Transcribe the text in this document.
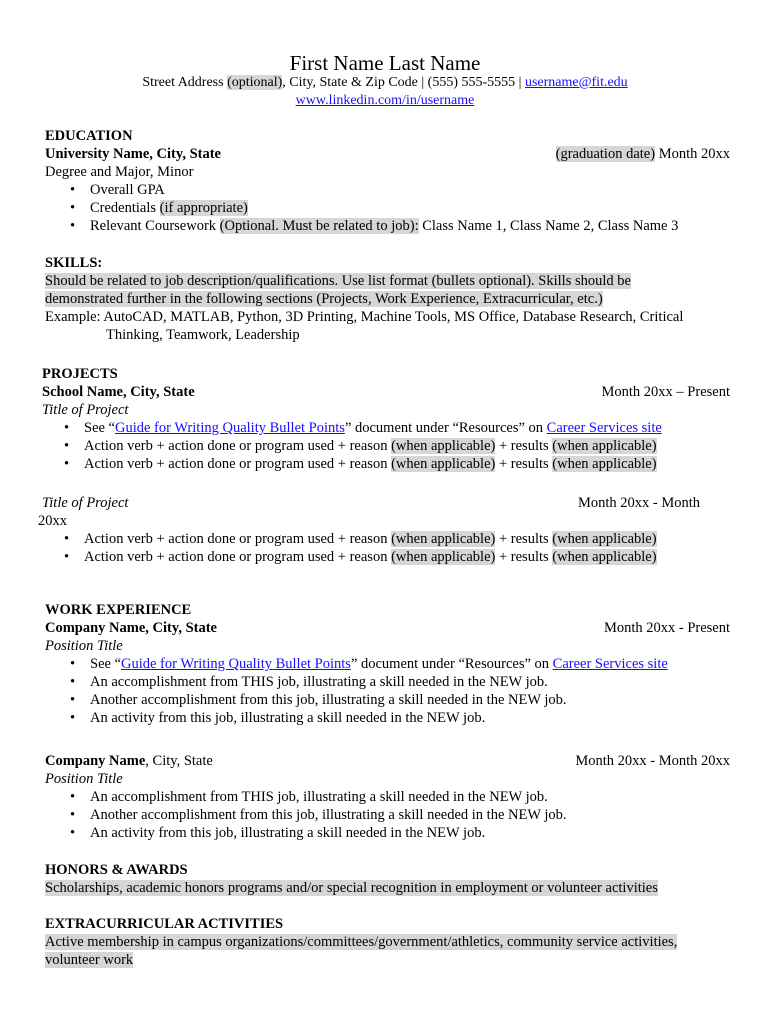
First Name Last Name
Street Address (optional), City, State & Zip Code | (555) 555-5555 | username@fit.edu
www.linkedin.com/in/username
EDUCATION
University Name, City, State	(graduation date) Month 20xx
Degree and Major, Minor
• Overall GPA
• Credentials (if appropriate)
• Relevant Coursework (Optional. Must be related to job): Class Name 1, Class Name 2, Class Name 3
SKILLS:
Should be related to job description/qualifications. Use list format (bullets optional). Skills should be
demonstrated further in the following sections (Projects, Work Experience, Extracurricular, etc.)
Example: AutoCAD, MATLAB, Python, 3D Printing, Machine Tools, MS Office, Database Research, Critical
Thinking, Teamwork, Leadership
PROJECTS
School Name, City, State	Month 20xx – Present
Title of Project
• See “Guide for Writing Quality Bullet Points” document under “Resources” on Career Services site
• Action verb + action done or program used + reason (when applicable) + results (when applicable)
• Action verb + action done or program used + reason (when applicable) + results (when applicable)
Title of Project	Month 20xx - Month
20xx
• Action verb + action done or program used + reason (when applicable) + results (when applicable)
• Action verb + action done or program used + reason (when applicable) + results (when applicable)
WORK EXPERIENCE
Company Name, City, State	Month 20xx - Present
Position Title
• See “Guide for Writing Quality Bullet Points” document under “Resources” on Career Services site
• An accomplishment from THIS job, illustrating a skill needed in the NEW job.
• Another accomplishment from this job, illustrating a skill needed in the NEW job.
• An activity from this job, illustrating a skill needed in the NEW job.
Company Name, City, State	Month 20xx - Month 20xx
Position Title
• An accomplishment from THIS job, illustrating a skill needed in the NEW job.
• Another accomplishment from this job, illustrating a skill needed in the NEW job.
• An activity from this job, illustrating a skill needed in the NEW job.
HONORS & AWARDS
Scholarships, academic honors programs and/or special recognition in employment or volunteer activities
EXTRACURRICULAR ACTIVITIES
Active membership in campus organizations/committees/government/athletics, community service activities,
volunteer work
